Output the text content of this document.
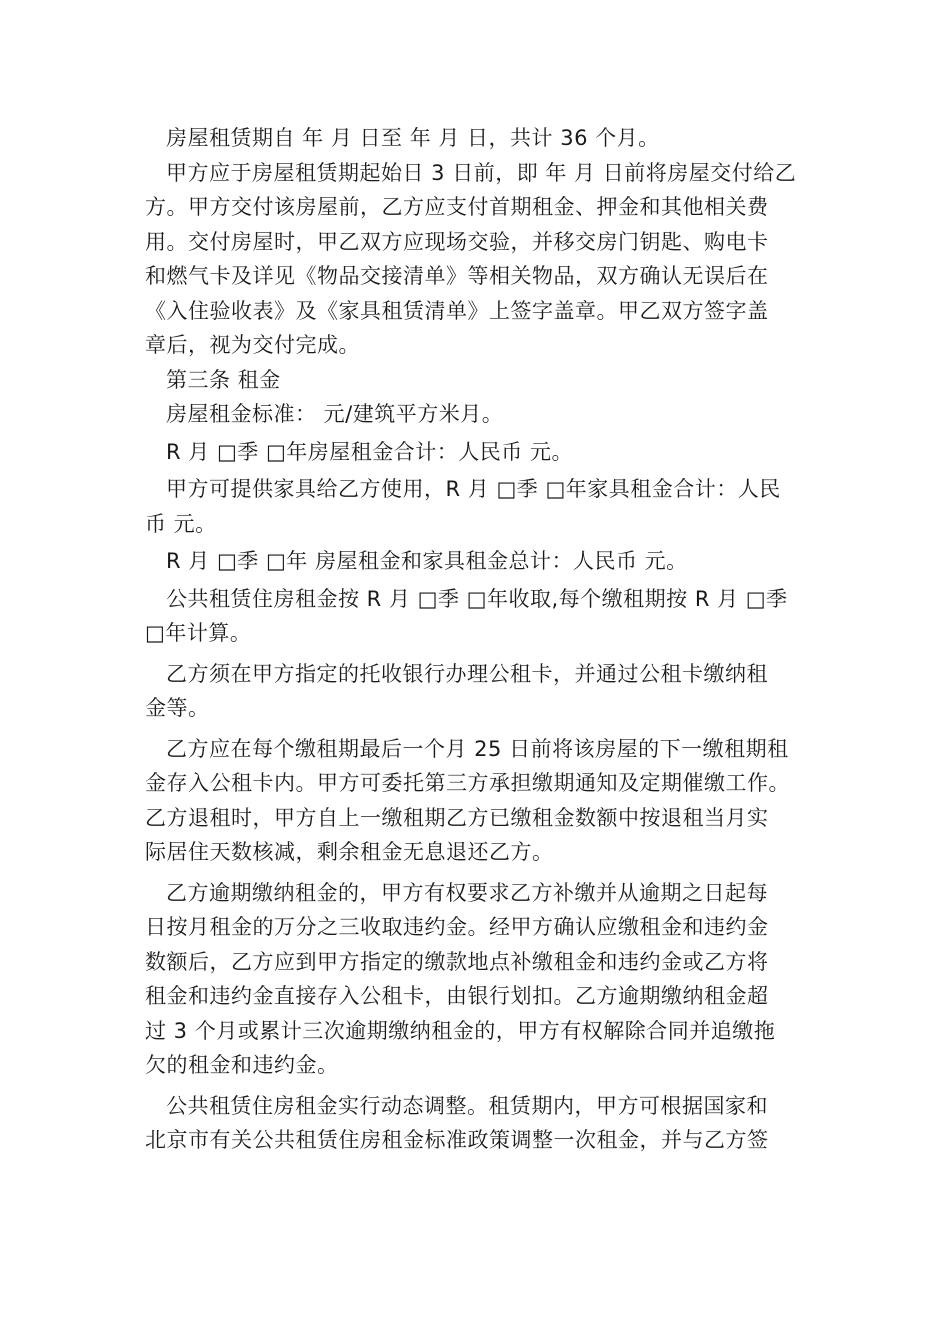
房屋租赁期自 年 月 日至 年 月 日，共计 36 个月。

甲方应于房屋租赁期起始日 3 日前，即 年 月 日前将房屋交付给乙
方。甲方交付该房屋前，乙方应支付首期租金、押金和其他相关费
用。交付房屋时，甲乙双方应现场交验，并移交房门钥匙、购电卡
和燃气卡及详见《物品交接清单》等相关物品，双方确认无误后在
《入住验收表》及《家具租赁清单》上签字盖章。甲乙双方签字盖
章后，视为交付完成。

第三条 租金

房屋租金标准： 元/建筑平方米月。

R 月 □季 □年房屋租金合计：人民币 元。

甲方可提供家具给乙方使用，R 月 □季 □年家具租金合计：人民
币 元。

R 月 □季 □年 房屋租金和家具租金总计：人民币 元。

公共租赁住房租金按 R 月 □季 □年收取,每个缴租期按 R 月 □季
□年计算。

乙方须在甲方指定的托收银行办理公租卡，并通过公租卡缴纳租
金等。

乙方应在每个缴租期最后一个月 25 日前将该房屋的下一缴租期租
金存入公租卡内。甲方可委托第三方承担缴期通知及定期催缴工作。
乙方退租时，甲方自上一缴租期乙方已缴租金数额中按退租当月实
际居住天数核减，剩余租金无息退还乙方。

乙方逾期缴纳租金的，甲方有权要求乙方补缴并从逾期之日起每
日按月租金的万分之三收取违约金。经甲方确认应缴租金和违约金
数额后，乙方应到甲方指定的缴款地点补缴租金和违约金或乙方将
租金和违约金直接存入公租卡，由银行划扣。乙方逾期缴纳租金超
过 3 个月或累计三次逾期缴纳租金的，甲方有权解除合同并追缴拖
欠的租金和违约金。

公共租赁住房租金实行动态调整。租赁期内，甲方可根据国家和
北京市有关公共租赁住房租金标准政策调整一次租金，并与乙方签
